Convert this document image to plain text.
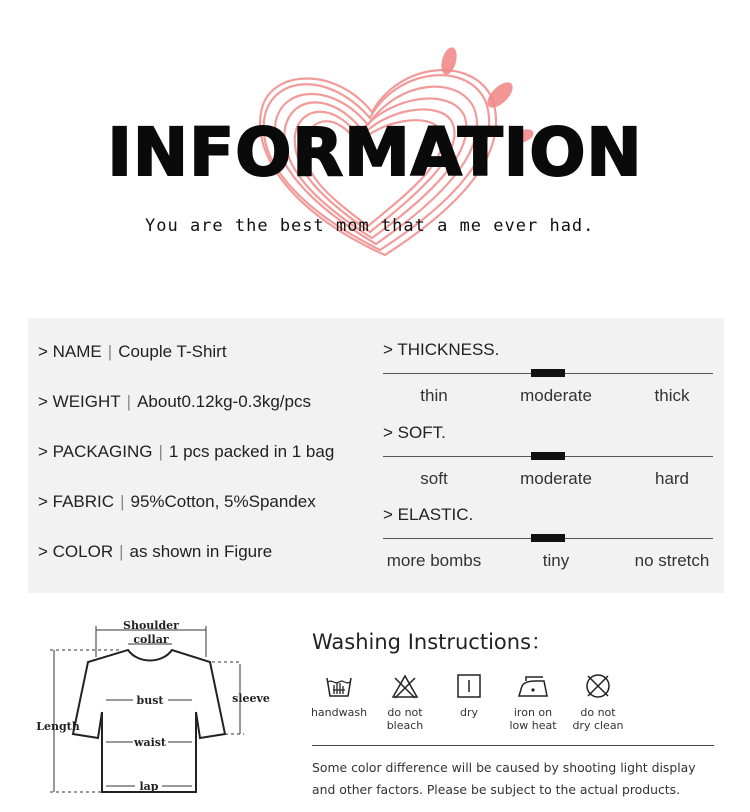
INFORMATION
You are the best mom that a me ever had.
> NAME | Couple T-Shirt
> WEIGHT | About0.12kg-0.3kg/pcs
> PACKAGING | 1 pcs packed in 1 bag
> FABRIC | 95%Cotton, 5%Spandex
> COLOR | as shown in Figure
> THICKNESS.
thin	moderate	thick
> SOFT.
soft	moderate	hard
> ELASTIC.
more bombs	tiny	no stretch
Shoulder
collar
sleeve
bust
Length
waist
lap
Washing Instructions：
handwash	do not
bleach
dry	iron on
low heat
do not
dry clean
Some color difference will be caused by shooting light display and other factors. Please be subject to the actual products.
